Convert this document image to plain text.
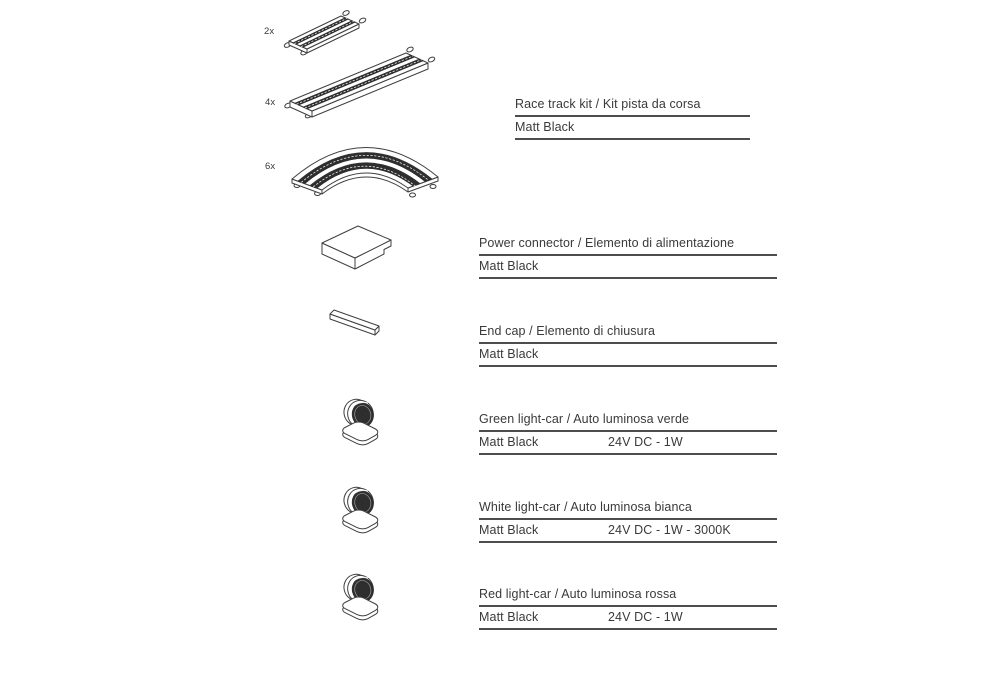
2x
4x
6x
Race track kit / Kit pista da corsa
Matt Black
Power connector / Elemento di alimentazione
Matt Black
End cap / Elemento di chiusura
Matt Black
Green light-car / Auto luminosa verde
Matt Black	24V DC - 1W
White light-car / Auto luminosa bianca
Matt Black	24V DC - 1W - 3000K
Red light-car / Auto luminosa rossa
Matt Black	24V DC - 1W
